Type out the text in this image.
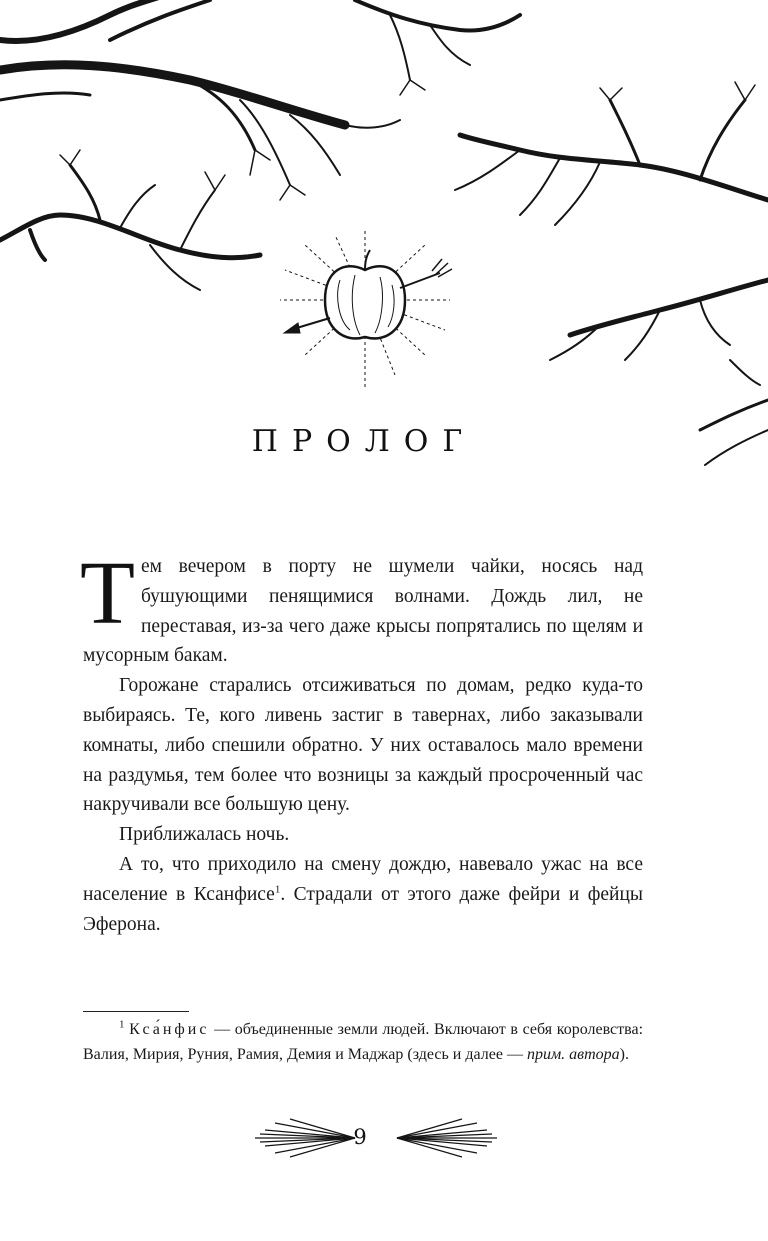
ПРОЛОГ

Тем вечером в порту не шумели чайки, носясь над бушующими пенящимися волнами. Дождь лил, не переставая, из-за чего даже крысы попрятались по щелям и мусорным бакам.

Горожане старались отсиживаться по домам, редко куда-то выбираясь. Те, кого ливень застиг в тавернах, либо заказывали комнаты, либо спешили обратно. У них оставалось мало времени на раздумья, тем более что возницы за каждый просроченный час накручивали все большую цену.

Приближалась ночь.

А то, что приходило на смену дождю, навевало ужас на все население в Ксанфисе$^1$. Страдали от этого даже фейри и фейцы Эферона.

$^1$ Кса́нфис — объединенные земли людей. Включают в себя королевства: Валия, Мирия, Руния, Рамия, Демия и Маджар (здесь и далее — прим. автора).
9
